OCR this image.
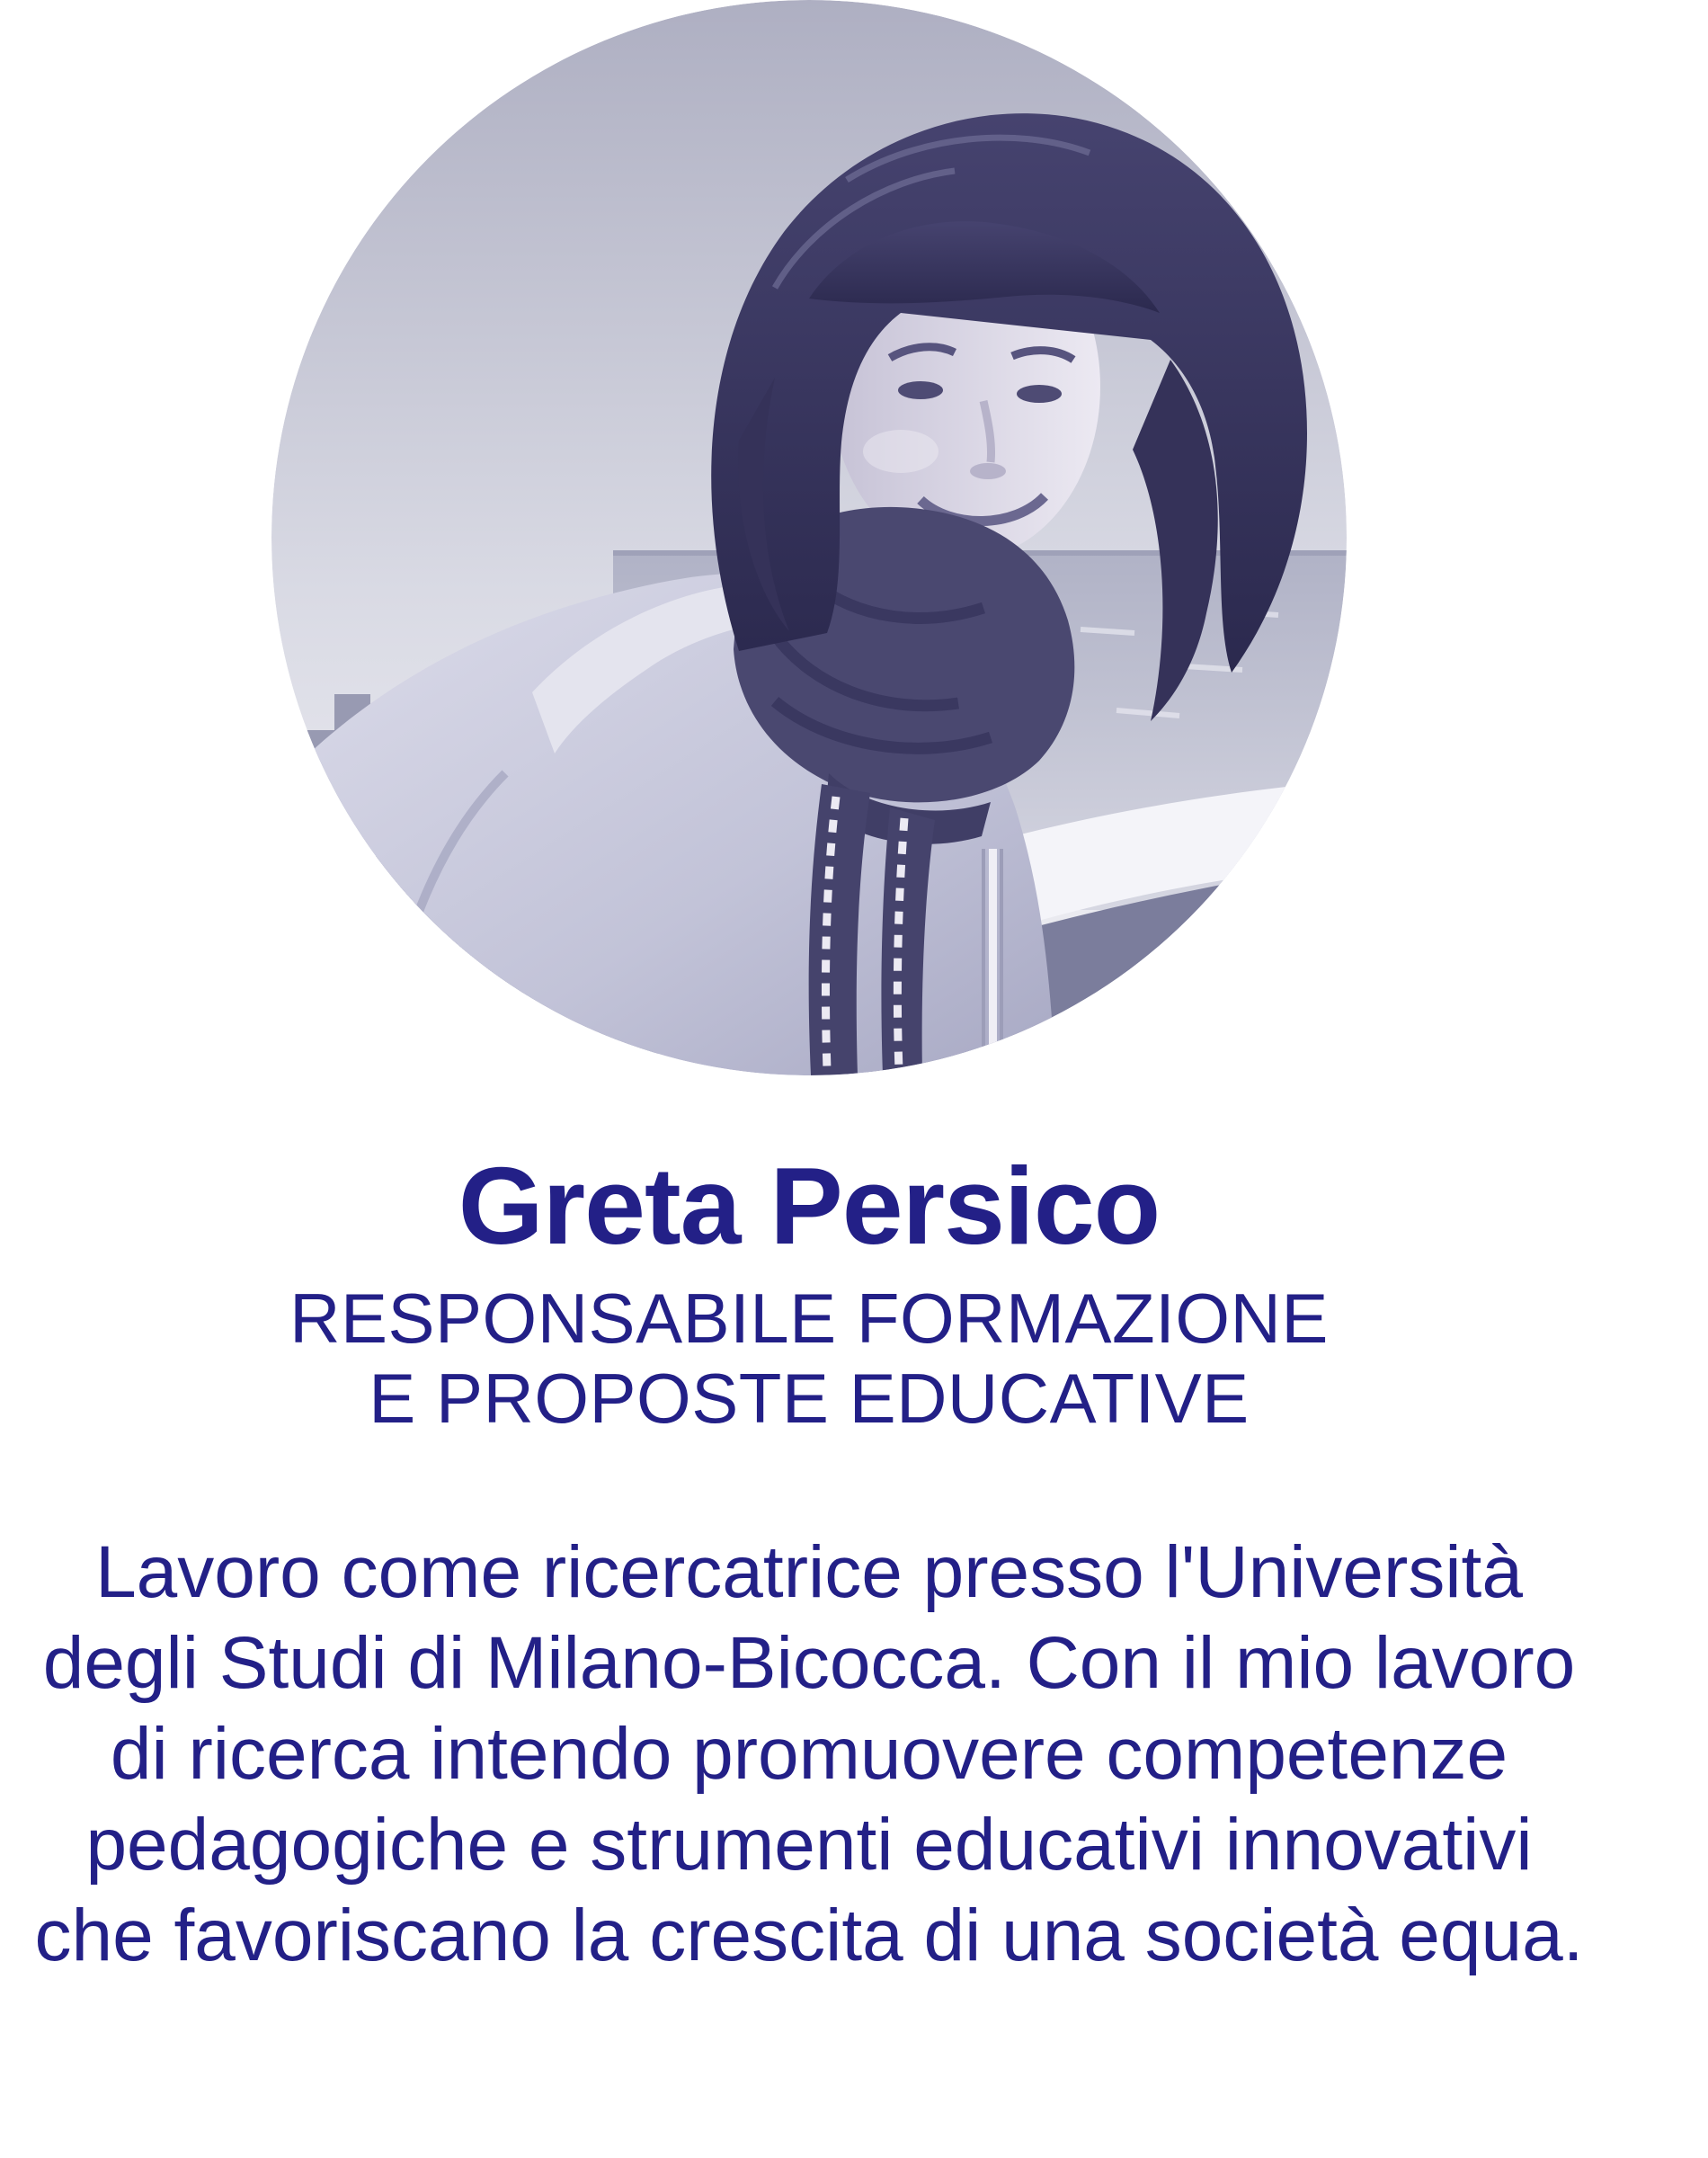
Greta Persico
RESPONSABILE FORMAZIONE
E PROPOSTE EDUCATIVE
Lavoro come ricercatrice presso l'Università
degli Studi di Milano-Bicocca. Con il mio lavoro
di ricerca intendo promuovere competenze
pedagogiche e strumenti educativi innovativi
che favoriscano la crescita di una società equa.
